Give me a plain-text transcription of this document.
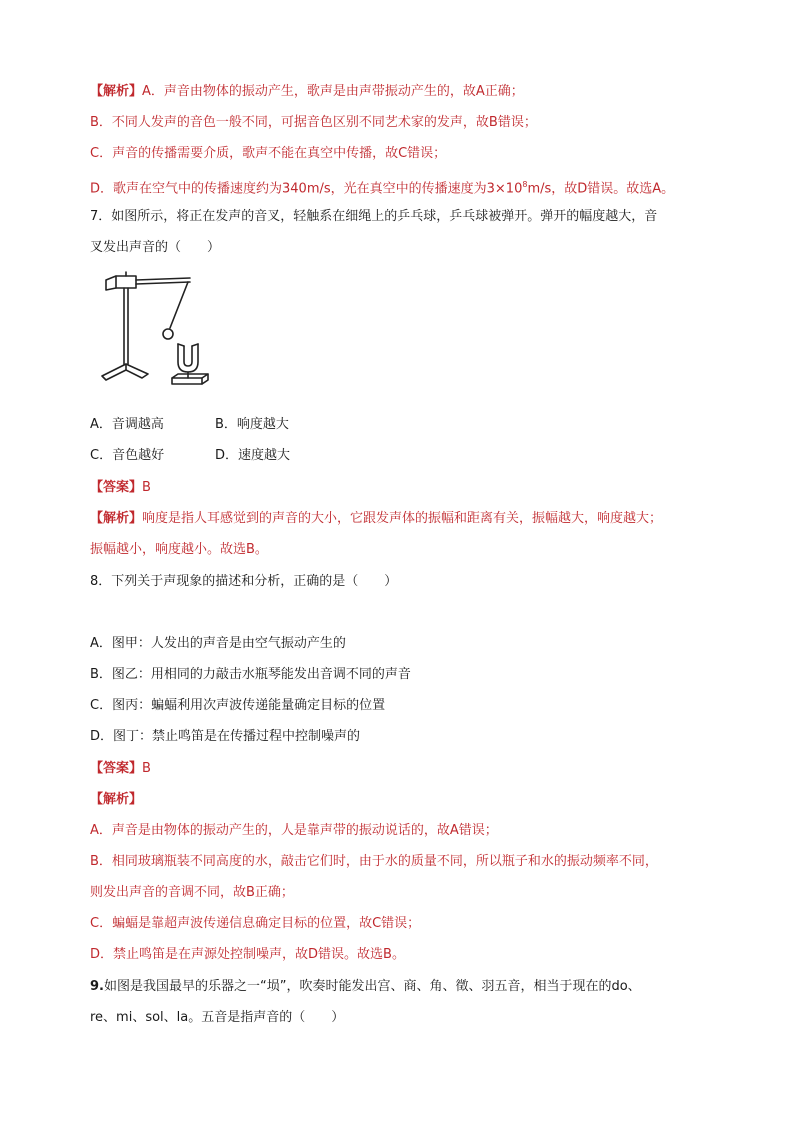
【解析】A．声音由物体的振动产生，歌声是由声带振动产生的，故A正确；
B．不同人发声的音色一般不同，可据音色区别不同艺术家的发声，故B错误；
C．声音的传播需要介质，歌声不能在真空中传播，故C错误；
D．歌声在空气中的传播速度约为340m/s，光在真空中的传播速度为$3\times 10^8m/s$，故D错误。故选A。
7．如图所示，将正在发声的音叉，轻触系在细绳上的乒乓球，乒乓球被弹开。弹开的幅度越大，音
叉发出声音的（　　）
A．音调越高	B．响度越大
C．音色越好	D．速度越大
【答案】B
【解析】响度是指人耳感觉到的声音的大小，它跟发声体的振幅和距离有关，振幅越大，响度越大；
振幅越小，响度越小。故选B。
8．下列关于声现象的描述和分析，正确的是（　　）
A．图甲：人发出的声音是由空气振动产生的
B．图乙：用相同的力敲击水瓶琴能发出音调不同的声音
C．图丙：蝙蝠利用次声波传递能量确定目标的位置
D．图丁：禁止鸣笛是在传播过程中控制噪声的
【答案】B
【解析】
A．声音是由物体的振动产生的，人是靠声带的振动说话的，故A错误；
B．相同玻璃瓶装不同高度的水，敲击它们时，由于水的质量不同，所以瓶子和水的振动频率不同，
则发出声音的音调不同，故B正确；
C．蝙蝠是靠超声波传递信息确定目标的位置，故C错误；
D．禁止鸣笛是在声源处控制噪声，故D错误。故选B。
9.如图是我国最早的乐器之一“埙”，吹奏时能发出宫、商、角、徵、羽五音，相当于现在的do、
re、mi、sol、la。五音是指声音的（　　）
